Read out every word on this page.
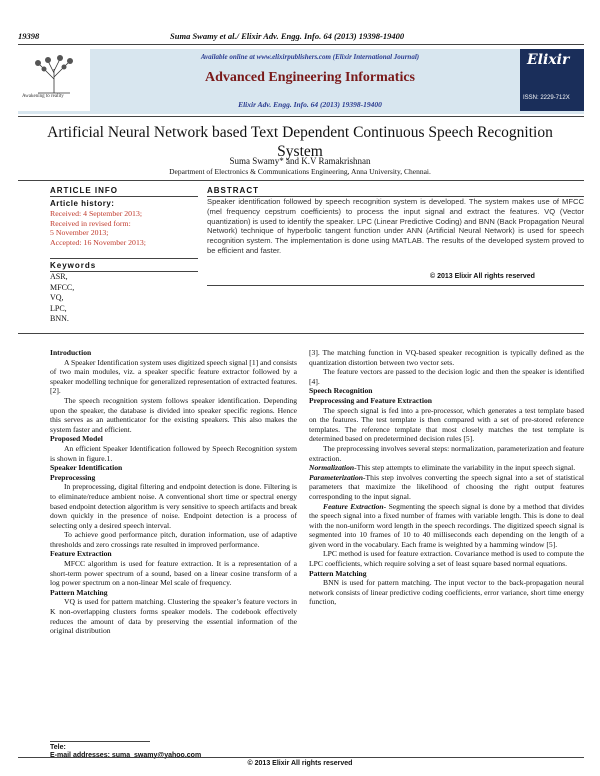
19398	Suma Swamy et al./ Elixir Adv. Engg. Info. 64 (2013) 19398-19400
Awakening to reality
Available online at www.elixirpublishers.com (Elixir International Journal)
Advanced Engineering Informatics
Elixir Adv. Engg. Info. 64 (2013) 19398-19400
Elixir
ISSN: 2229-712X
Artificial Neural Network based Text Dependent Continuous Speech Recognition System
Suma Swamy* and K.V Ramakrishnan
Department of Electronics & Communications Engineering, Anna University, Chennai.
ARTICLE INFO
Article history:
Received: 4 September 2013;
Received in revised form:
5 November 2013;
Accepted: 16 November 2013;
Keywords
ASR,
MFCC,
VQ,
LPC,
BNN.
ABSTRACT
Speaker identification followed by speech recognition system is developed. The system makes use of MFCC (mel frequency cepstrum coefficients) to process the input signal and extract the features. VQ (Vector quantization) is used to identify the speaker. LPC (Linear Predictive Coding) and BNN (Back Propagation Neural Network) technique of hyperbolic tangent function under ANN (Artificial Neural Network) is used for speech recognition system. The implementation is done using MATLAB. The results of the developed system proved to be efficient and faster.
© 2013 Elixir All rights reserved

Introduction

A Speaker Identification system uses digitized speech signal [1] and consists of two main modules, viz. a speaker specific feature extractor followed by a speaker modelling technique for generalized representation of extracted features. [2].

The speech recognition system follows speaker identification. Depending upon the speaker, the database is divided into speaker specific regions. Hence this serves as an authenticator for the existing speakers. This also makes the system faster and efficient.

Proposed Model

An efficient Speaker Identification followed by Speech Recognition system is shown in figure.1.

Speaker Identification

Preprocessing

In preprocessing, digital filtering and endpoint detection is done. Filtering is to eliminate/reduce ambient noise. A conventional short time or spectral energy based endpoint detection algorithm is very sensitive to speech artifacts and break down quickly in the presence of noise. Endpoint detection is a process of selecting only a desired speech interval.

To achieve good performance pitch, duration information, use of adaptive thresholds and zero crossings rate resulted in improved performance.

Feature Extraction

MFCC algorithm is used for feature extraction. It is a representation of a short-term power spectrum of a sound, based on a linear cosine transform of a log power spectrum on a non-linear Mel scale of frequency.

Pattern Matching

VQ is used for pattern matching. Clustering the speaker’s feature vectors in K non-overlapping clusters forms speaker models. The codebook effectively reduces the amount of data by preserving the essential information of the original distribution

[3]. The matching function in VQ-based speaker recognition is typically defined as the quantization distortion between two vector sets.

The feature vectors are passed to the decision logic and then the speaker is identified [4].

Speech Recognition

Preprocessing and Feature Extraction

The speech signal is fed into a pre-processor, which generates a test template based on the features. The test template is then compared with a set of pre-stored reference templates. The reference template that most closely matches the test template is determined based on predetermined decision rules [5].

The preprocessing involves several steps: normalization, parameterization and feature extraction.

Normalization-This step attempts to eliminate the variability in the input speech signal.

Parameterization-This step involves converting the speech signal into a set of statistical parameters that maximize the likelihood of choosing the right output features corresponding to the input signal.

Feature Extraction- Segmenting the speech signal is done by a method that divides the speech signal into a fixed number of frames with variable length. This is done to deal with the non-uniform word length in the speech recordings. The digitized speech signal is segmented into 10 frames of 10 to 40 milliseconds each depending on the length of a given word in the vocabulary. Each frame is weighted by a hamming window [5].

LPC method is used for feature extraction. Covariance method is used to compute the LPC coefficients, which require solving a set of least square based normal equations.

Pattern Matching

BNN is used for pattern matching. The input vector to the back-propagation neural network consists of linear predictive coding coefficients, error variance, short time energy function,

Tele:
E-mail addresses: suma_swamy@yahoo.com
© 2013 Elixir All rights reserved
